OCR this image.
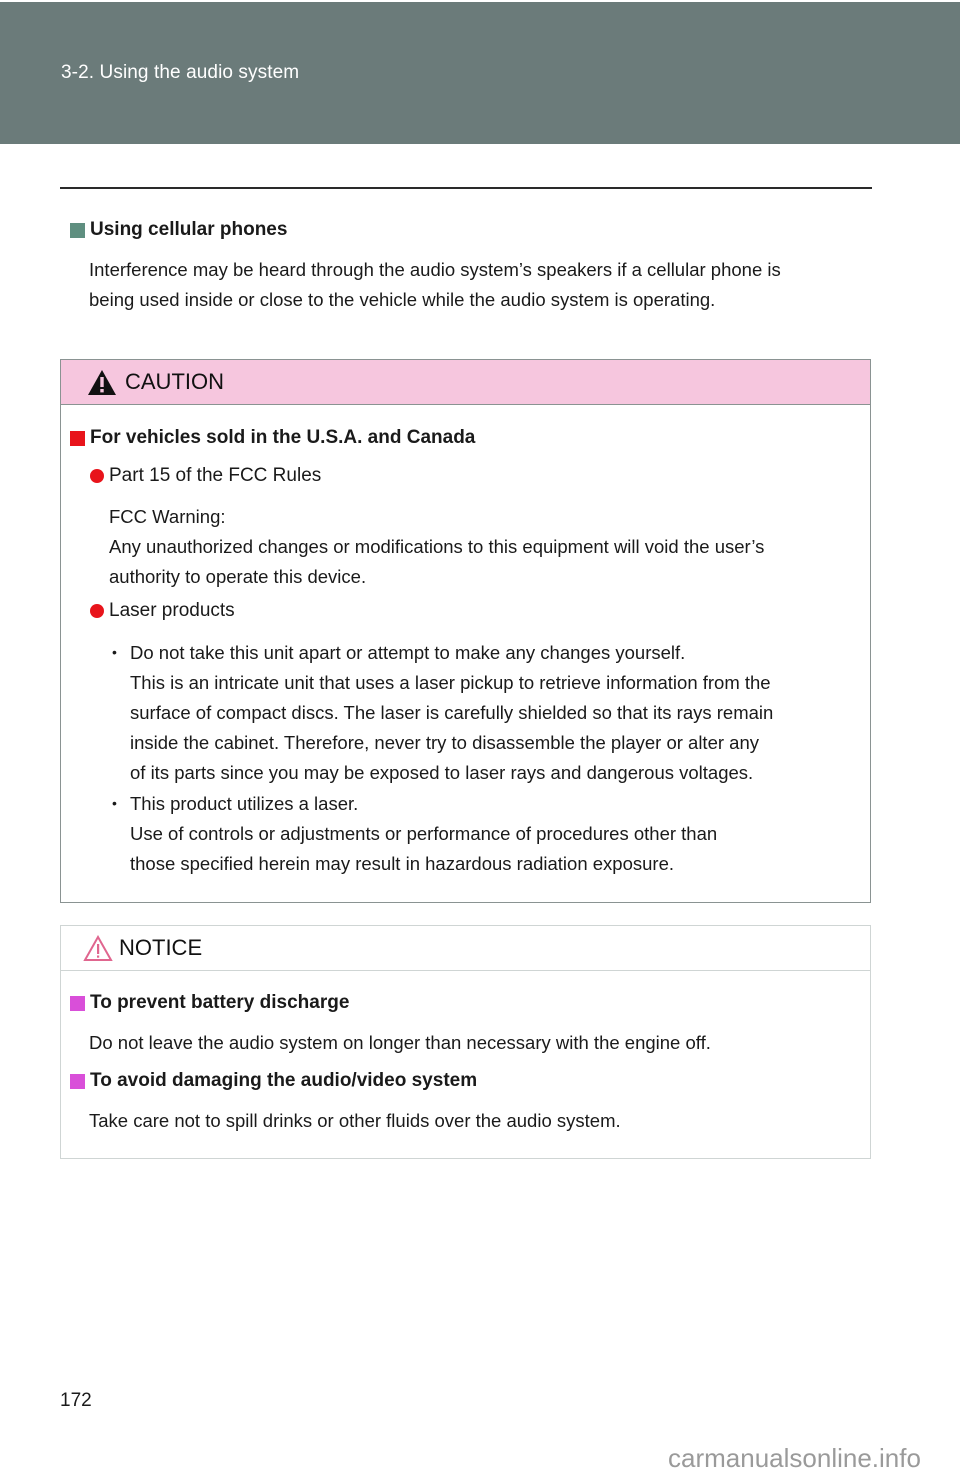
3-2. Using the audio system
Using cellular phones
Interference may be heard through the audio system’s speakers if a cellular phone is
being used inside or close to the vehicle while the audio system is operating.
CAUTION
For vehicles sold in the U.S.A. and Canada
Part 15 of the FCC Rules
FCC Warning:
Any unauthorized changes or modifications to this equipment will void the user’s
authority to operate this device.
Laser products
• Do not take this unit apart or attempt to make any changes yourself.
This is an intricate unit that uses a laser pickup to retrieve information from the
surface of compact discs. The laser is carefully shielded so that its rays remain
inside the cabinet. Therefore, never try to disassemble the player or alter any
of its parts since you may be exposed to laser rays and dangerous voltages.
• This product utilizes a laser.
Use of controls or adjustments or performance of procedures other than
those specified herein may result in hazardous radiation exposure.
NOTICE
To prevent battery discharge
Do not leave the audio system on longer than necessary with the engine off.
To avoid damaging the audio/video system
Take care not to spill drinks or other fluids over the audio system.
172
carmanualsonline.info
